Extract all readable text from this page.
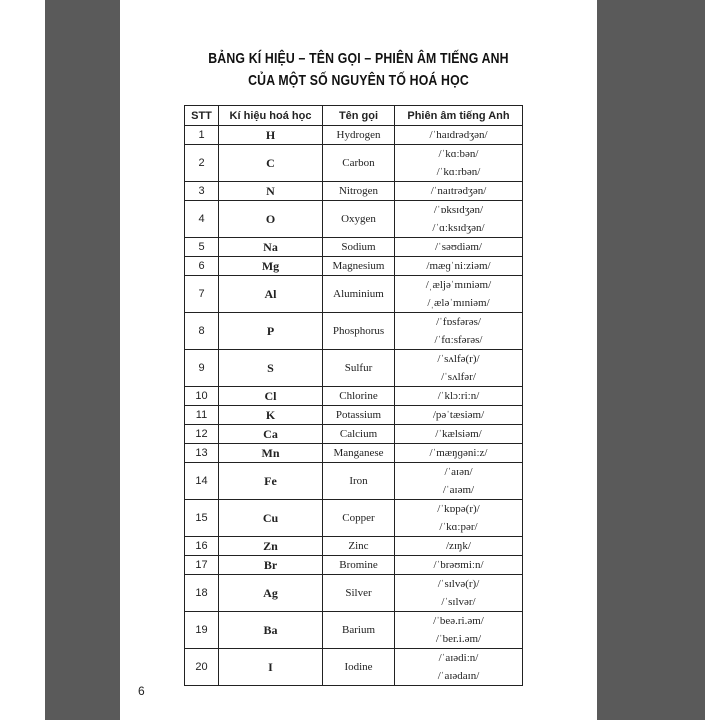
BẢNG KÍ HIỆU – TÊN GỌI – PHIÊN ÂM TIẾNG ANH
CỦA MỘT SỐ NGUYÊN TỐ HOÁ HỌC
STT	Kí hiệu hoá học	Tên gọi	Phiên âm tiếng Anh
1	H	Hydrogen	/ˈhaɪdrədʒən/

2	C	Carbon	/ˈkɑːbən/
/ˈkɑːrbən/

3	N	Nitrogen	/ˈnaɪtrədʒən/

4	O	Oxygen	/ˈɒksɪdʒən/
/ˈɑːksɪdʒən/

5	Na	Sodium	/ˈsəʊdiəm/

6	Mg	Magnesium	/mæɡˈniːziəm/

7	Al	Aluminium	/ˌæljəˈmɪniəm/
/ˌæləˈmɪniəm/

8	P	Phosphorus	/ˈfɒsfərəs/
/ˈfɑːsfərəs/

9	S	Sulfur	/ˈsʌlfə(r)/
/ˈsʌlfər/

10	Cl	Chlorine	/ˈklɔːriːn/

11	K	Potassium	/pəˈtæsiəm/

12	Ca	Calcium	/ˈkælsiəm/

13	Mn	Manganese	/ˈmæŋɡəniːz/

14	Fe	Iron	/ˈaɪən/
/ˈaɪəm/

15	Cu	Copper	/ˈkɒpə(r)/
/ˈkɑːpər/

16	Zn	Zinc	/zɪŋk/

17	Br	Bromine	/ˈbrəʊmiːn/

18	Ag	Silver	/ˈsɪlvə(r)/
/ˈsɪlvər/

19	Ba	Barium	/ˈbeə.ri.əm/
/ˈber.i.əm/

20	I	Iodine	/ˈaɪədiːn/
/ˈaɪədaɪn/
6
